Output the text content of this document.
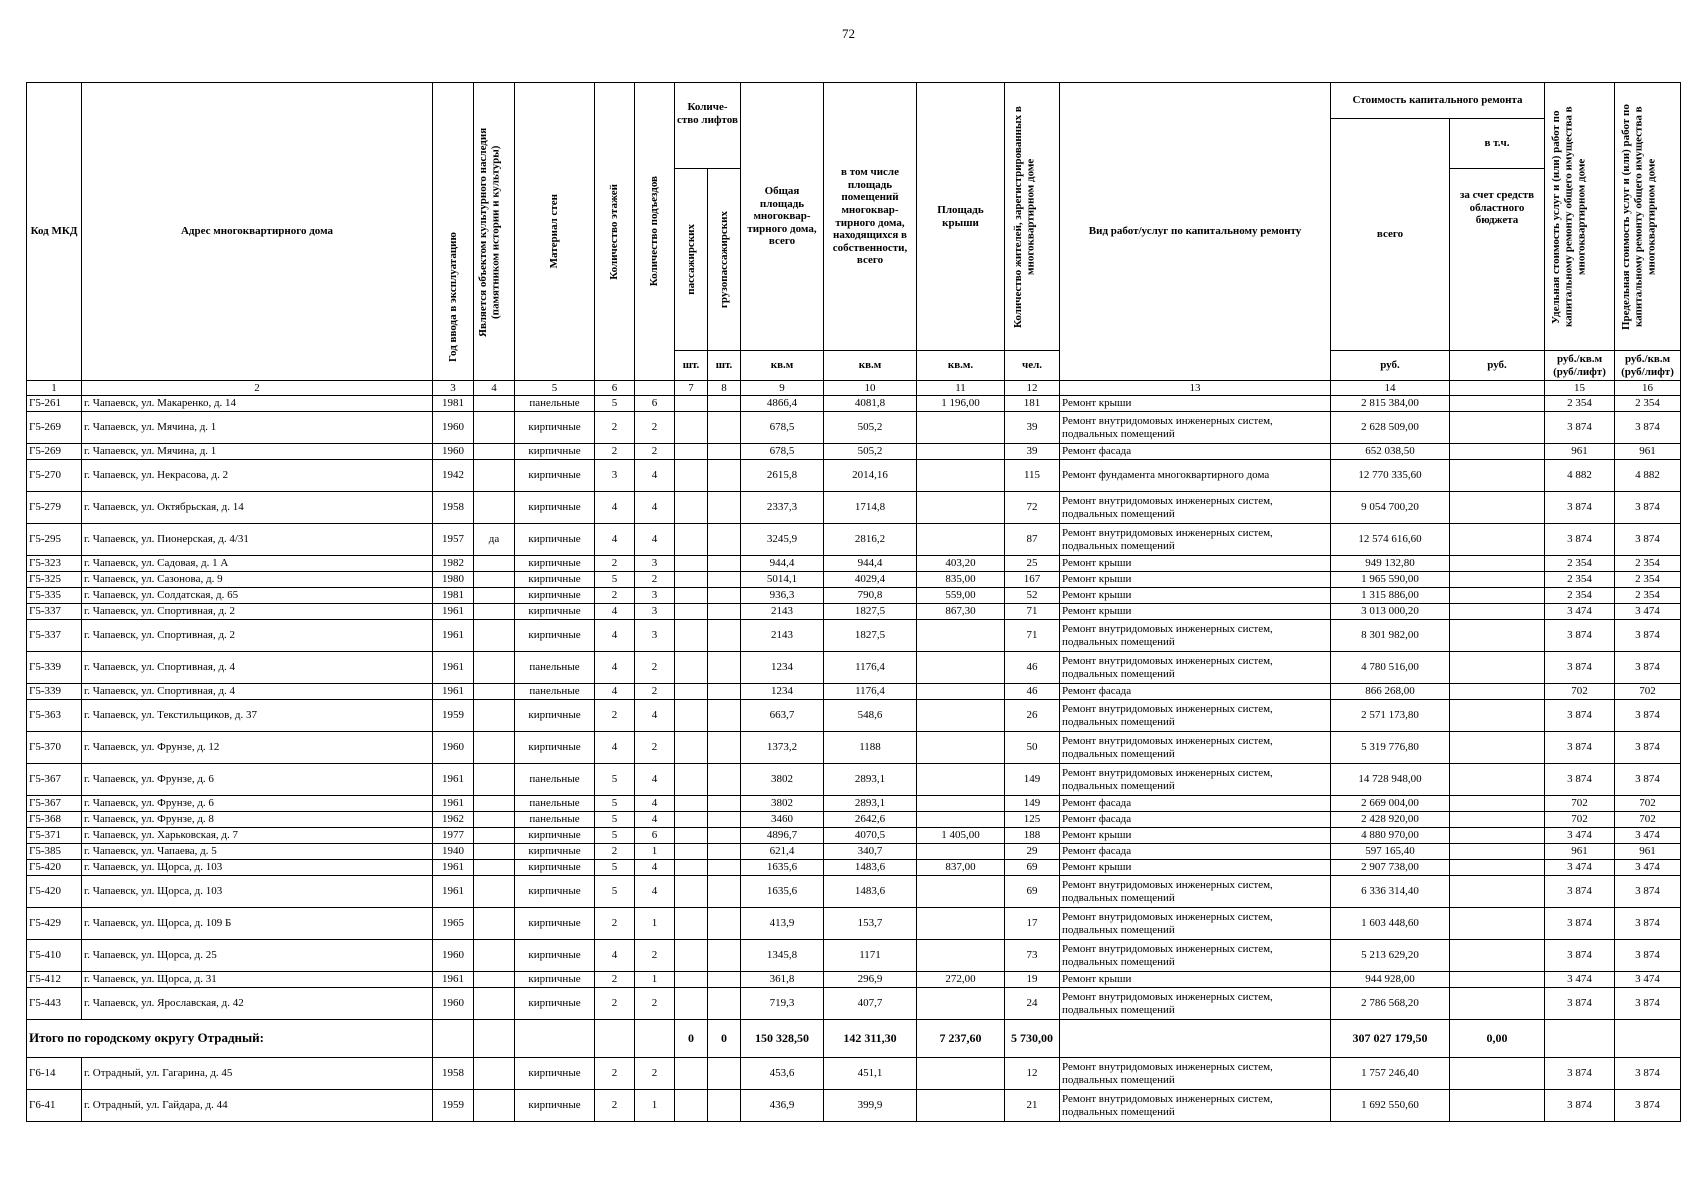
72
Код МКД	Адрес многоквартирного дома	Год ввода в эксплуатацию	Является объектом культурного наследия (памятником истории и культуры)	Материал стен	Количество этажей	Количество подъездов	Количе-ство лифтов		Общая площадь многоквар-тирного дома, всего	в том числе площадь помещений многоквар-тирного дома, находящихся в собственности, всего	Площадь крыши	Количество жителей, зарегистрированных в многоквартирном доме	Вид работ/услуг по капитальному ремонту	Стоимость капитального ремонта		Удельная стоимость услуг и (или) работ по капитальному ремонту общего имущества в многоквартирном доме	Предельная стоимость услуг и (или) работ по капитальному ремонту общего имущества в многоквартирном доме

														всего	в т.ч.		

							пассажирских	грузопассажирских							за счет средств областного бюджета		
							шт.	шт.	кв.м	кв.м	кв.м.	чел.		руб.	руб.	руб./кв.м (руб/лифт)	руб./кв.м (руб/лифт)
1	2	3	4	5	6		7	8	9	10	11	12	13	14		15	16
Г5-261	г. Чапаевск, ул. Макаренко, д. 14	1981		панельные	5	6			4866,4	4081,8	1 196,00	181	Ремонт крыши	2 815 384,00		2 354	2 354
Г5-269	г. Чапаевск, ул. Мячина, д. 1	1960		кирпичные	2	2			678,5	505,2		39	Ремонт внутридомовых инженерных систем, подвальных помещений	2 628 509,00		3 874	3 874
Г5-269	г. Чапаевск, ул. Мячина, д. 1	1960		кирпичные	2	2			678,5	505,2		39	Ремонт фасада	652 038,50		961	961
Г5-270	г. Чапаевск, ул. Некрасова, д. 2	1942		кирпичные	3	4			2615,8	2014,16		115	Ремонт фундамента многоквартирного дома	12 770 335,60		4 882	4 882
Г5-279	г. Чапаевск, ул. Октябрьская, д. 14	1958		кирпичные	4	4			2337,3	1714,8		72	Ремонт внутридомовых инженерных систем, подвальных помещений	9 054 700,20		3 874	3 874
Г5-295	г. Чапаевск, ул. Пионерская, д. 4/31	1957	да	кирпичные	4	4			3245,9	2816,2		87	Ремонт внутридомовых инженерных систем, подвальных помещений	12 574 616,60		3 874	3 874
Г5-323	г. Чапаевск, ул. Садовая, д. 1 А	1982		кирпичные	2	3			944,4	944,4	403,20	25	Ремонт крыши	949 132,80		2 354	2 354
Г5-325	г. Чапаевск, ул. Сазонова, д. 9	1980		кирпичные	5	2			5014,1	4029,4	835,00	167	Ремонт крыши	1 965 590,00		2 354	2 354
Г5-335	г. Чапаевск, ул. Солдатская, д. 65	1981		кирпичные	2	3			936,3	790,8	559,00	52	Ремонт крыши	1 315 886,00		2 354	2 354
Г5-337	г. Чапаевск, ул. Спортивная, д. 2	1961		кирпичные	4	3			2143	1827,5	867,30	71	Ремонт крыши	3 013 000,20		3 474	3 474
Г5-337	г. Чапаевск, ул. Спортивная, д. 2	1961		кирпичные	4	3			2143	1827,5		71	Ремонт внутридомовых инженерных систем, подвальных помещений	8 301 982,00		3 874	3 874
Г5-339	г. Чапаевск, ул. Спортивная, д. 4	1961		панельные	4	2			1234	1176,4		46	Ремонт внутридомовых инженерных систем, подвальных помещений	4 780 516,00		3 874	3 874
Г5-339	г. Чапаевск, ул. Спортивная, д. 4	1961		панельные	4	2			1234	1176,4		46	Ремонт фасада	866 268,00		702	702
Г5-363	г. Чапаевск, ул. Текстильщиков, д. 37	1959		кирпичные	2	4			663,7	548,6		26	Ремонт внутридомовых инженерных систем, подвальных помещений	2 571 173,80		3 874	3 874
Г5-370	г. Чапаевск, ул. Фрунзе, д. 12	1960		кирпичные	4	2			1373,2	1188		50	Ремонт внутридомовых инженерных систем, подвальных помещений	5 319 776,80		3 874	3 874
Г5-367	г. Чапаевск, ул. Фрунзе, д. 6	1961		панельные	5	4			3802	2893,1		149	Ремонт внутридомовых инженерных систем, подвальных помещений	14 728 948,00		3 874	3 874
Г5-367	г. Чапаевск, ул. Фрунзе, д. 6	1961		панельные	5	4			3802	2893,1		149	Ремонт фасада	2 669 004,00		702	702
Г5-368	г. Чапаевск, ул. Фрунзе, д. 8	1962		панельные	5	4			3460	2642,6		125	Ремонт фасада	2 428 920,00		702	702
Г5-371	г. Чапаевск, ул. Харьковская, д. 7	1977		кирпичные	5	6			4896,7	4070,5	1 405,00	188	Ремонт крыши	4 880 970,00		3 474	3 474
Г5-385	г. Чапаевск, ул. Чапаева, д. 5	1940		кирпичные	2	1			621,4	340,7		29	Ремонт фасада	597 165,40		961	961
Г5-420	г. Чапаевск, ул. Щорса, д. 103	1961		кирпичные	5	4			1635,6	1483,6	837,00	69	Ремонт крыши	2 907 738,00		3 474	3 474
Г5-420	г. Чапаевск, ул. Щорса, д. 103	1961		кирпичные	5	4			1635,6	1483,6		69	Ремонт внутридомовых инженерных систем, подвальных помещений	6 336 314,40		3 874	3 874
Г5-429	г. Чапаевск, ул. Щорса, д. 109 Б	1965		кирпичные	2	1			413,9	153,7		17	Ремонт внутридомовых инженерных систем, подвальных помещений	1 603 448,60		3 874	3 874
Г5-410	г. Чапаевск, ул. Щорса, д. 25	1960		кирпичные	4	2			1345,8	1171		73	Ремонт внутридомовых инженерных систем, подвальных помещений	5 213 629,20		3 874	3 874
Г5-412	г. Чапаевск, ул. Щорса, д. 31	1961		кирпичные	2	1			361,8	296,9	272,00	19	Ремонт крыши	944 928,00		3 474	3 474
Г5-443	г. Чапаевск, ул. Ярославская, д. 42	1960		кирпичные	2	2			719,3	407,7		24	Ремонт внутридомовых инженерных систем, подвальных помещений	2 786 568,20		3 874	3 874
Итого по городскому округу Отрадный:							0	0	150 328,50	142 311,30	7 237,60	5 730,00		307 027 179,50	0,00		
Г6-14	г. Отрадный, ул. Гагарина, д. 45	1958		кирпичные	2	2			453,6	451,1		12	Ремонт внутридомовых инженерных систем, подвальных помещений	1 757 246,40		3 874	3 874
Г6-41	г. Отрадный, ул. Гайдара, д. 44	1959		кирпичные	2	1			436,9	399,9		21	Ремонт внутридомовых инженерных систем, подвальных помещений	1 692 550,60		3 874	3 874
